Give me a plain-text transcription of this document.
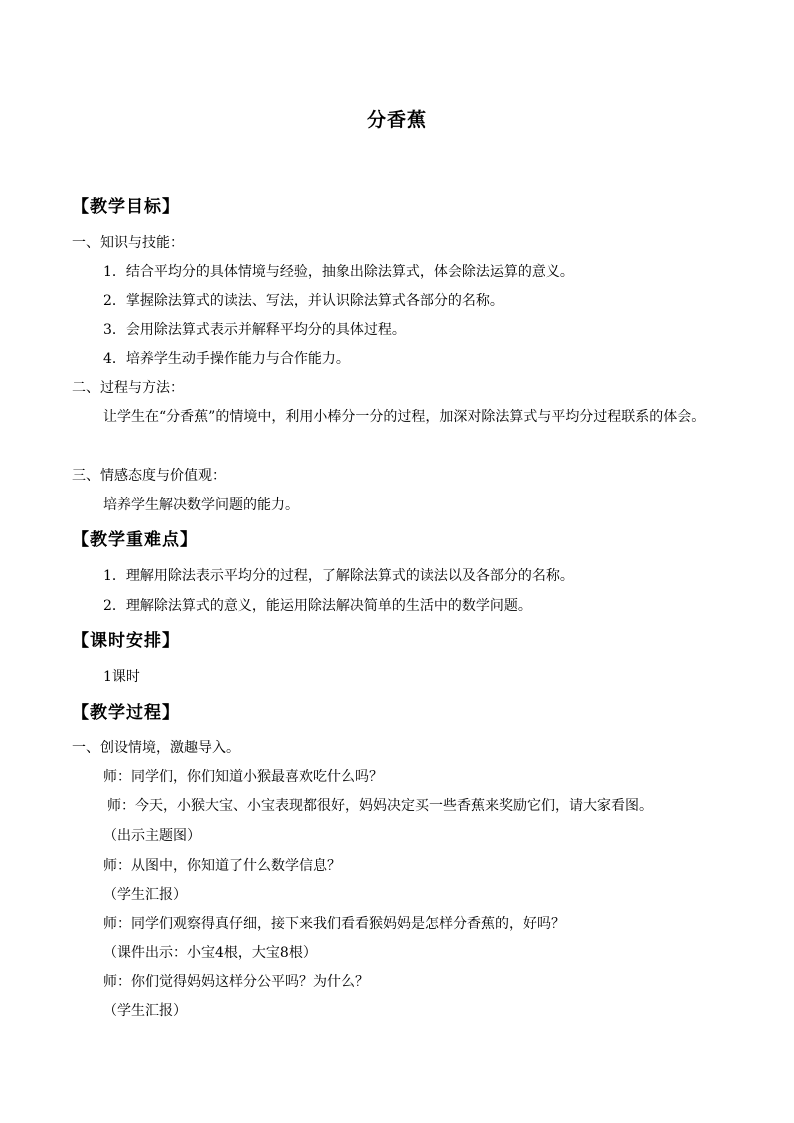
分香蕉
【教学目标】
一、知识与技能：
1．结合平均分的具体情境与经验，抽象出除法算式，体会除法运算的意义。
2．掌握除法算式的读法、写法，并认识除法算式各部分的名称。
3．会用除法算式表示并解释平均分的具体过程。
4．培养学生动手操作能力与合作能力。
二、过程与方法：
让学生在“分香蕉”的情境中，利用小棒分一分的过程，加深对除法算式与平均分过程联系的体会。
三、情感态度与价值观：
培养学生解决数学问题的能力。
【教学重难点】
1．理解用除法表示平均分的过程，了解除法算式的读法以及各部分的名称。
2．理解除法算式的意义，能运用除法解决简单的生活中的数学问题。
【课时安排】
1课时
【教学过程】
一、创设情境，激趣导入。
师：同学们，你们知道小猴最喜欢吃什么吗？
师：今天，小猴大宝、小宝表现都很好，妈妈决定买一些香蕉来奖励它们，请大家看图。
（出示主题图）
师：从图中，你知道了什么数学信息？
（学生汇报）
师：同学们观察得真仔细，接下来我们看看猴妈妈是怎样分香蕉的，好吗？
（课件出示：小宝4根，大宝8根）
师：你们觉得妈妈这样分公平吗？为什么？
（学生汇报）
